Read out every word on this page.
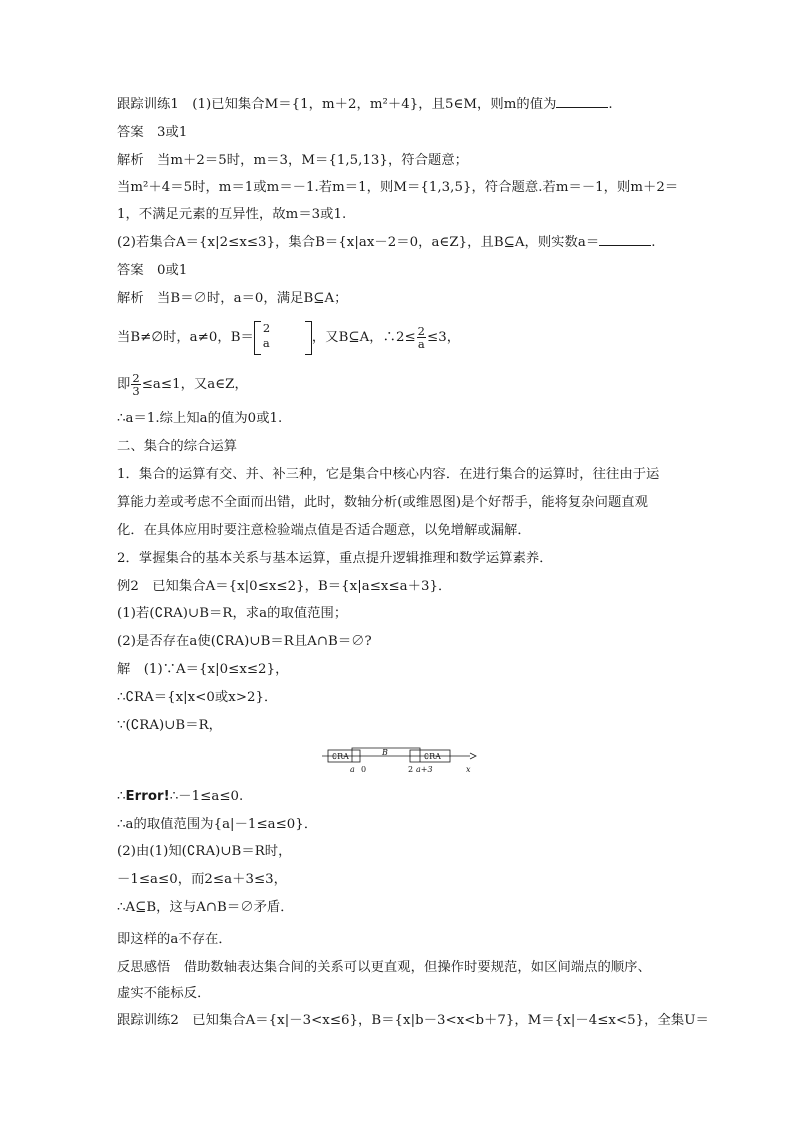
跟踪训练1　(1)已知集合M＝{1，m＋2，m²＋4}，且5∈M，则m的值为	.
答案　3或1
解析　当m＋2＝5时，m＝3，M＝{1,5,13}，符合题意；
当m²＋4＝5时，m＝1或m＝－1.若m＝1，则M＝{1,3,5}，符合题意.若m＝－1，则m＋2＝
1，不满足元素的互异性，故m＝3或1.
(2)若集合A＝{x|2≤x≤3}，集合B＝{x|ax－2＝0，a∈Z}，且B⊆A，则实数a＝	.
答案　0或1
解析　当B＝∅时，a＝0，满足B⊆A；
当B≠∅时，a≠0，B＝
2
a	，又B⊆A，∴2≤ $\frac{2}{a} \le 3$，
即 $\frac{2}{3} \le a\le 1$，又a∈Z，
∴a＝1.综上知a的值为0或1.
二、集合的综合运算
1．集合的运算有交、并、补三种，它是集合中核心内容．在进行集合的运算时，往往由于运
算能力差或考虑不全面而出错，此时，数轴分析(或维恩图)是个好帮手，能将复杂问题直观
化．在具体应用时要注意检验端点值是否适合题意，以免增解或漏解．
2．掌握集合的基本关系与基本运算，重点提升逻辑推理和数学运算素养．
例2　已知集合A＝{x|0≤x≤2}，B＝{x|a≤x≤a＋3}．
(1)若(∁RA)∪B＝R，求a的取值范围；
(2)是否存在a使(∁RA)∪B＝R且A∩B＝∅?
解　(1)∵A＝{x|0≤x≤2}，
∴∁RA＝{x|x<0或x>2}．
∵(∁RA)∪B＝R，
∁RA	B	∁RA
a 0	2 a+3	x
∴Error!∴－1≤a≤0.
∴a的取值范围为{a|－1≤a≤0}．
(2)由(1)知(∁RA)∪B＝R时，
－1≤a≤0，而2≤a＋3≤3，
∴A⊆B，这与A∩B＝∅矛盾．
即这样的a不存在．
反思感悟　借助数轴表达集合间的关系可以更直观，但操作时要规范，如区间端点的顺序、
虚实不能标反．
跟踪训练2　已知集合A＝{x|－3<x≤6}，B＝{x|b－3<x<b＋7}，M＝{x|－4≤x<5}，全集U＝
